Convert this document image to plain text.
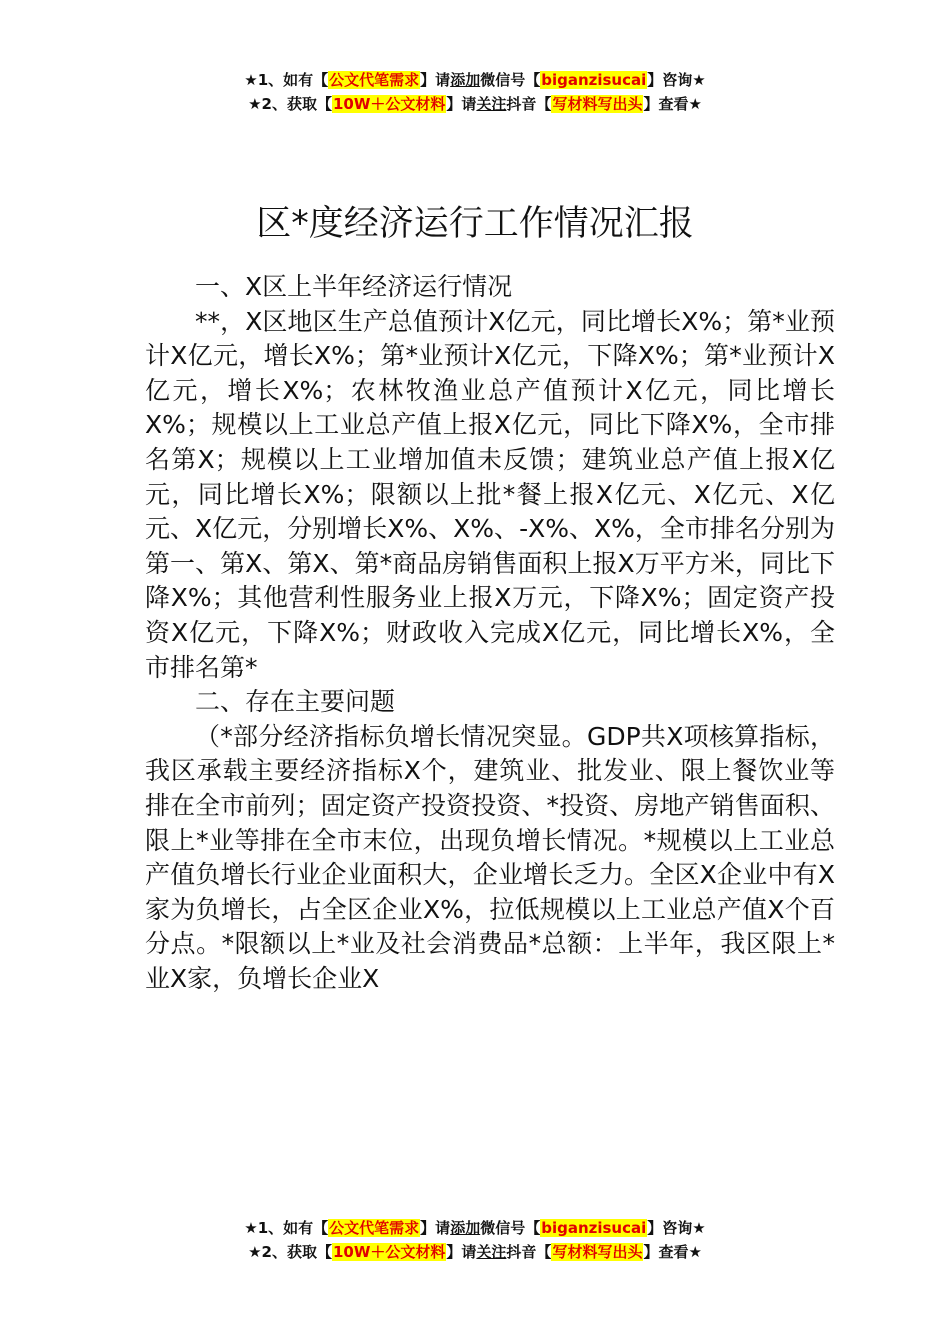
★1、如有【公文代笔需求】请添加微信号【biganzisucai】咨询★
★2、获取【10W＋公文材料】请关注抖音【写材料写出头】查看★
区*度经济运行工作情况汇报

一、X区上半年经济运行情况

**，X区地区生产总值预计X亿元，同比增长X%；第*业预计X亿元，增长X%；第*业预计X亿元，下降X%；第*业预计X亿元，增长X%；农林牧渔业总产值预计X亿元，同比增长X%；规模以上工业总产值上报X亿元，同比下降X%，全市排名第X；规模以上工业增加值未反馈；建筑业总产值上报X亿元，同比增长X%；限额以上批*餐上报X亿元、X亿元、X亿元、X亿元，分别增长X%、X%、-X%、X%，全市排名分别为第一、第X、第X、第*商品房销售面积上报X万平方米，同比下降X%；其他营利性服务业上报X万元，下降X%；固定资产投资X亿元，下降X%；财政收入完成X亿元，同比增长X%，全市排名第*

二、存在主要问题

（*部分经济指标负增长情况突显。GDP共X项核算指标，我区承载主要经济指标X个，建筑业、批发业、限上餐饮业等排在全市前列；固定资产投资投资、*投资、房地产销售面积、限上*业等排在全市末位，出现负增长情况。*规模以上工业总产值负增长行业企业面积大，企业增长乏力。全区X企业中有X家为负增长，占全区企业X%，拉低规模以上工业总产值X个百分点。*限额以上*业及社会消费品*总额：上半年，我区限上*业X家，负增长企业X

★1、如有【公文代笔需求】请添加微信号【biganzisucai】咨询★
★2、获取【10W＋公文材料】请关注抖音【写材料写出头】查看★
